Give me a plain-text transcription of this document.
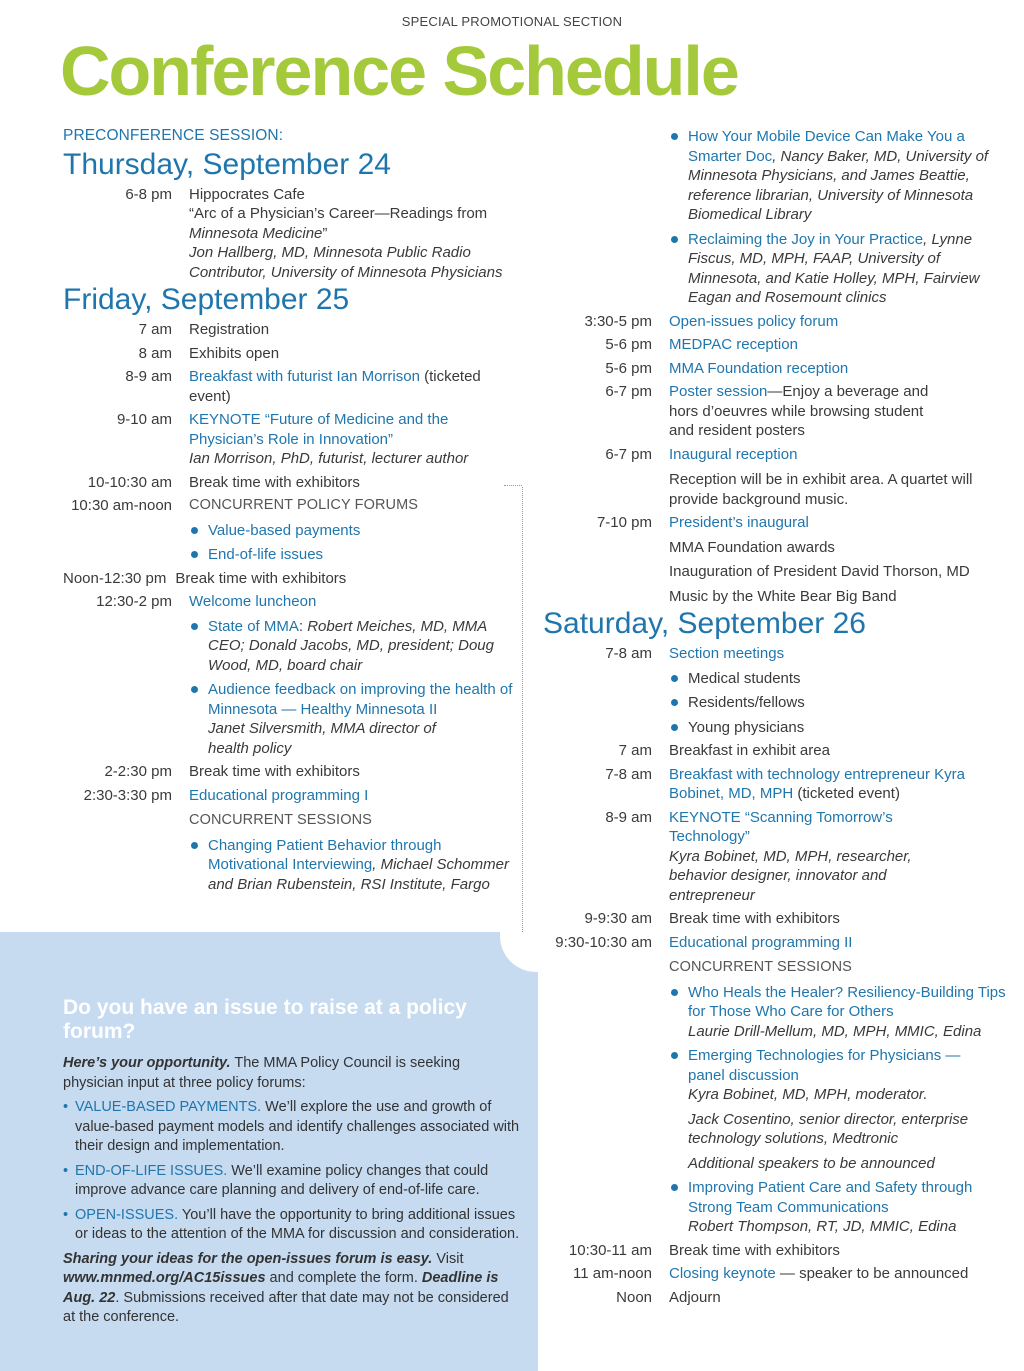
SPECIAL PROMOTIONAL SECTION
Conference Schedule
PRECONFERENCE SESSION:
Thursday, September 24
6-8 pm	Hippocrates Cafe
“Arc of a Physician’s Career—Readings from Minnesota Medicine”
Jon Hallberg, MD, Minnesota Public Radio Contributor, University of Minnesota Physicians
Friday, September 25
7 am	Registration
8 am	Exhibits open
8-9 am	Breakfast with futurist Ian Morrison (ticketed event)
9-10 am	KEYNOTE “Future of Medicine and the Physician’s Role in Innovation”
Ian Morrison, PhD, futurist, lecturer author
10-10:30 am	Break time with exhibitors
10:30 am-noon	CONCURRENT POLICY FORUMS
Value-based payments
End-of-life issues
Noon-12:30 pm Break time with exhibitors
12:30-2 pm	Welcome luncheon
State of MMA: Robert Meiches, MD, MMA CEO; Donald Jacobs, MD, president; Doug Wood, MD, board chair
Audience feedback on improving the health of Minnesota — Healthy Minnesota II
Janet Silversmith, MMA director of health policy
2-2:30 pm	Break time with exhibitors
2:30-3:30 pm	Educational programming I
CONCURRENT SESSIONS
Changing Patient Behavior through Motivational Interviewing, Michael Schommer and Brian Rubenstein, RSI Institute, Fargo
Do you have an issue to raise at a policy forum?
Here’s your opportunity. The MMA Policy Council is seeking physician input at three policy forums:
• VALUE-BASED PAYMENTS. We’ll explore the use and growth of value-based payment models and identify challenges associated with their design and implementation.
• END-OF-LIFE ISSUES. We’ll examine policy changes that could improve advance care planning and delivery of end-of-life care.
• OPEN-ISSUES. You’ll have the opportunity to bring additional issues or ideas to the attention of the MMA for discussion and consideration.
Sharing your ideas for the open-issues forum is easy. Visit www.mnmed.org/AC15issues and complete the form. Deadline is Aug. 22. Submissions received after that date may not be considered at the conference.
How Your Mobile Device Can Make You a Smarter Doc, Nancy Baker, MD, University of Minnesota Physicians, and James Beattie, reference librarian, University of Minnesota Biomedical Library
Reclaiming the Joy in Your Practice, Lynne Fiscus, MD, MPH, FAAP, University of Minnesota, and Katie Holley, MPH, Fairview Eagan and Rosemount clinics
3:30-5 pm	Open-issues policy forum
5-6 pm	MEDPAC reception
5-6 pm	MMA Foundation reception
6-7 pm	Poster session—Enjoy a beverage and hors d’oeuvres while browsing student and resident posters
6-7 pm	Inaugural reception
Reception will be in exhibit area. A quartet will provide background music.
7-10 pm	President’s inaugural
MMA Foundation awards
Inauguration of President David Thorson, MD
Music by the White Bear Big Band
Saturday, September 26
7-8 am	Section meetings
Medical students
Residents/fellows
Young physicians
7 am	Breakfast in exhibit area
7-8 am	Breakfast with technology entrepreneur Kyra Bobinet, MD, MPH (ticketed event)
8-9 am	KEYNOTE “Scanning Tomorrow’s Technology”
Kyra Bobinet, MD, MPH, researcher, behavior designer, innovator and entrepreneur
9-9:30 am	Break time with exhibitors
9:30-10:30 am	Educational programming II
CONCURRENT SESSIONS
Who Heals the Healer? Resiliency-Building Tips for Those Who Care for Others
Laurie Drill-Mellum, MD, MPH, MMIC, Edina
Emerging Technologies for Physicians — panel discussion
Kyra Bobinet, MD, MPH, moderator.
Jack Cosentino, senior director, enterprise technology solutions, Medtronic
Additional speakers to be announced
Improving Patient Care and Safety through Strong Team Communications
Robert Thompson, RT, JD, MMIC, Edina
10:30-11 am	Break time with exhibitors
11 am-noon	Closing keynote — speaker to be announced
Noon	Adjourn
